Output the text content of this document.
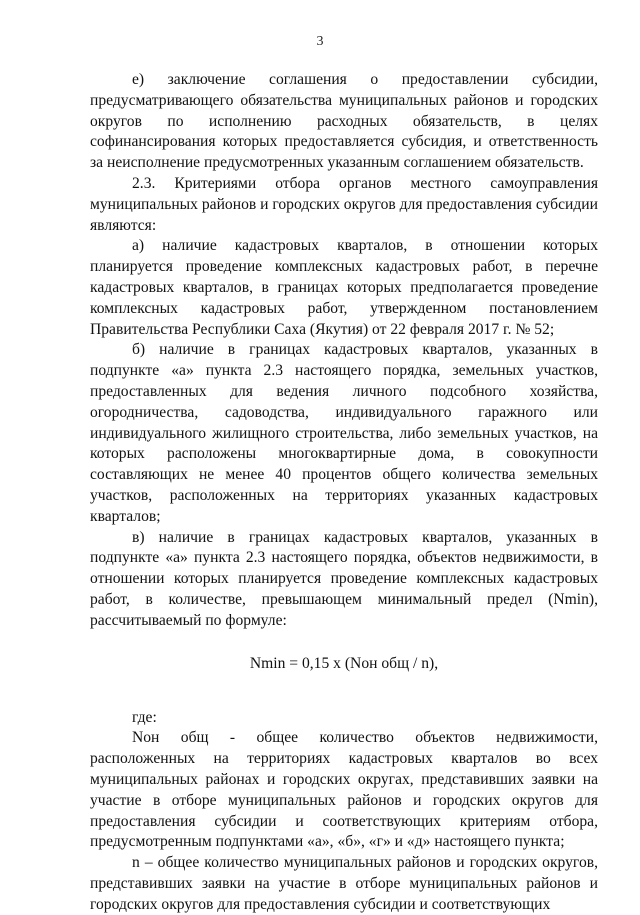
3

е) заключение соглашения о предоставлении субсидии, предусматривающего обязательства муниципальных районов и городских округов по исполнению расходных обязательств, в целях софинансирования которых предоставляется субсидия, и ответственность за неисполнение предусмотренных указанным соглашением обязательств.

2.3. Критериями отбора органов местного самоуправления муниципальных районов и городских округов для предоставления субсидии являются:

а) наличие кадастровых кварталов, в отношении которых планируется проведение комплексных кадастровых работ, в перечне кадастровых кварталов, в границах которых предполагается проведение комплексных кадастровых работ, утвержденном постановлением Правительства Республики Саха (Якутия) от 22 февраля 2017 г. № 52;

б) наличие в границах кадастровых кварталов, указанных в подпункте «а» пункта 2.3 настоящего порядка, земельных участков, предоставленных для ведения личного подсобного хозяйства, огородничества, садоводства, индивидуального гаражного или индивидуального жилищного строительства, либо земельных участков, на которых расположены многоквартирные дома, в совокупности составляющих не менее 40 процентов общего количества земельных участков, расположенных на территориях указанных кадастровых кварталов;

в) наличие в границах кадастровых кварталов, указанных в подпункте «а» пункта 2.3 настоящего порядка, объектов недвижимости, в отношении которых планируется проведение комплексных кадастровых работ, в количестве, превышающем минимальный предел (Nmin), рассчитываемый по формуле:

Nmin = 0,15 x (Nон общ / n),

где:

Nон общ - общее количество объектов недвижимости, расположенных на территориях кадастровых кварталов во всех муниципальных районах и городских округах, представивших заявки на участие в отборе муниципальных районов и городских округов для предоставления субсидии и соответствующих критериям отбора, предусмотренным подпунктами «а», «б», «г» и «д» настоящего пункта;

n – общее количество муниципальных районов и городских округов, представивших заявки на участие в отборе муниципальных районов и городских округов для предоставления субсидии и соответствующих
